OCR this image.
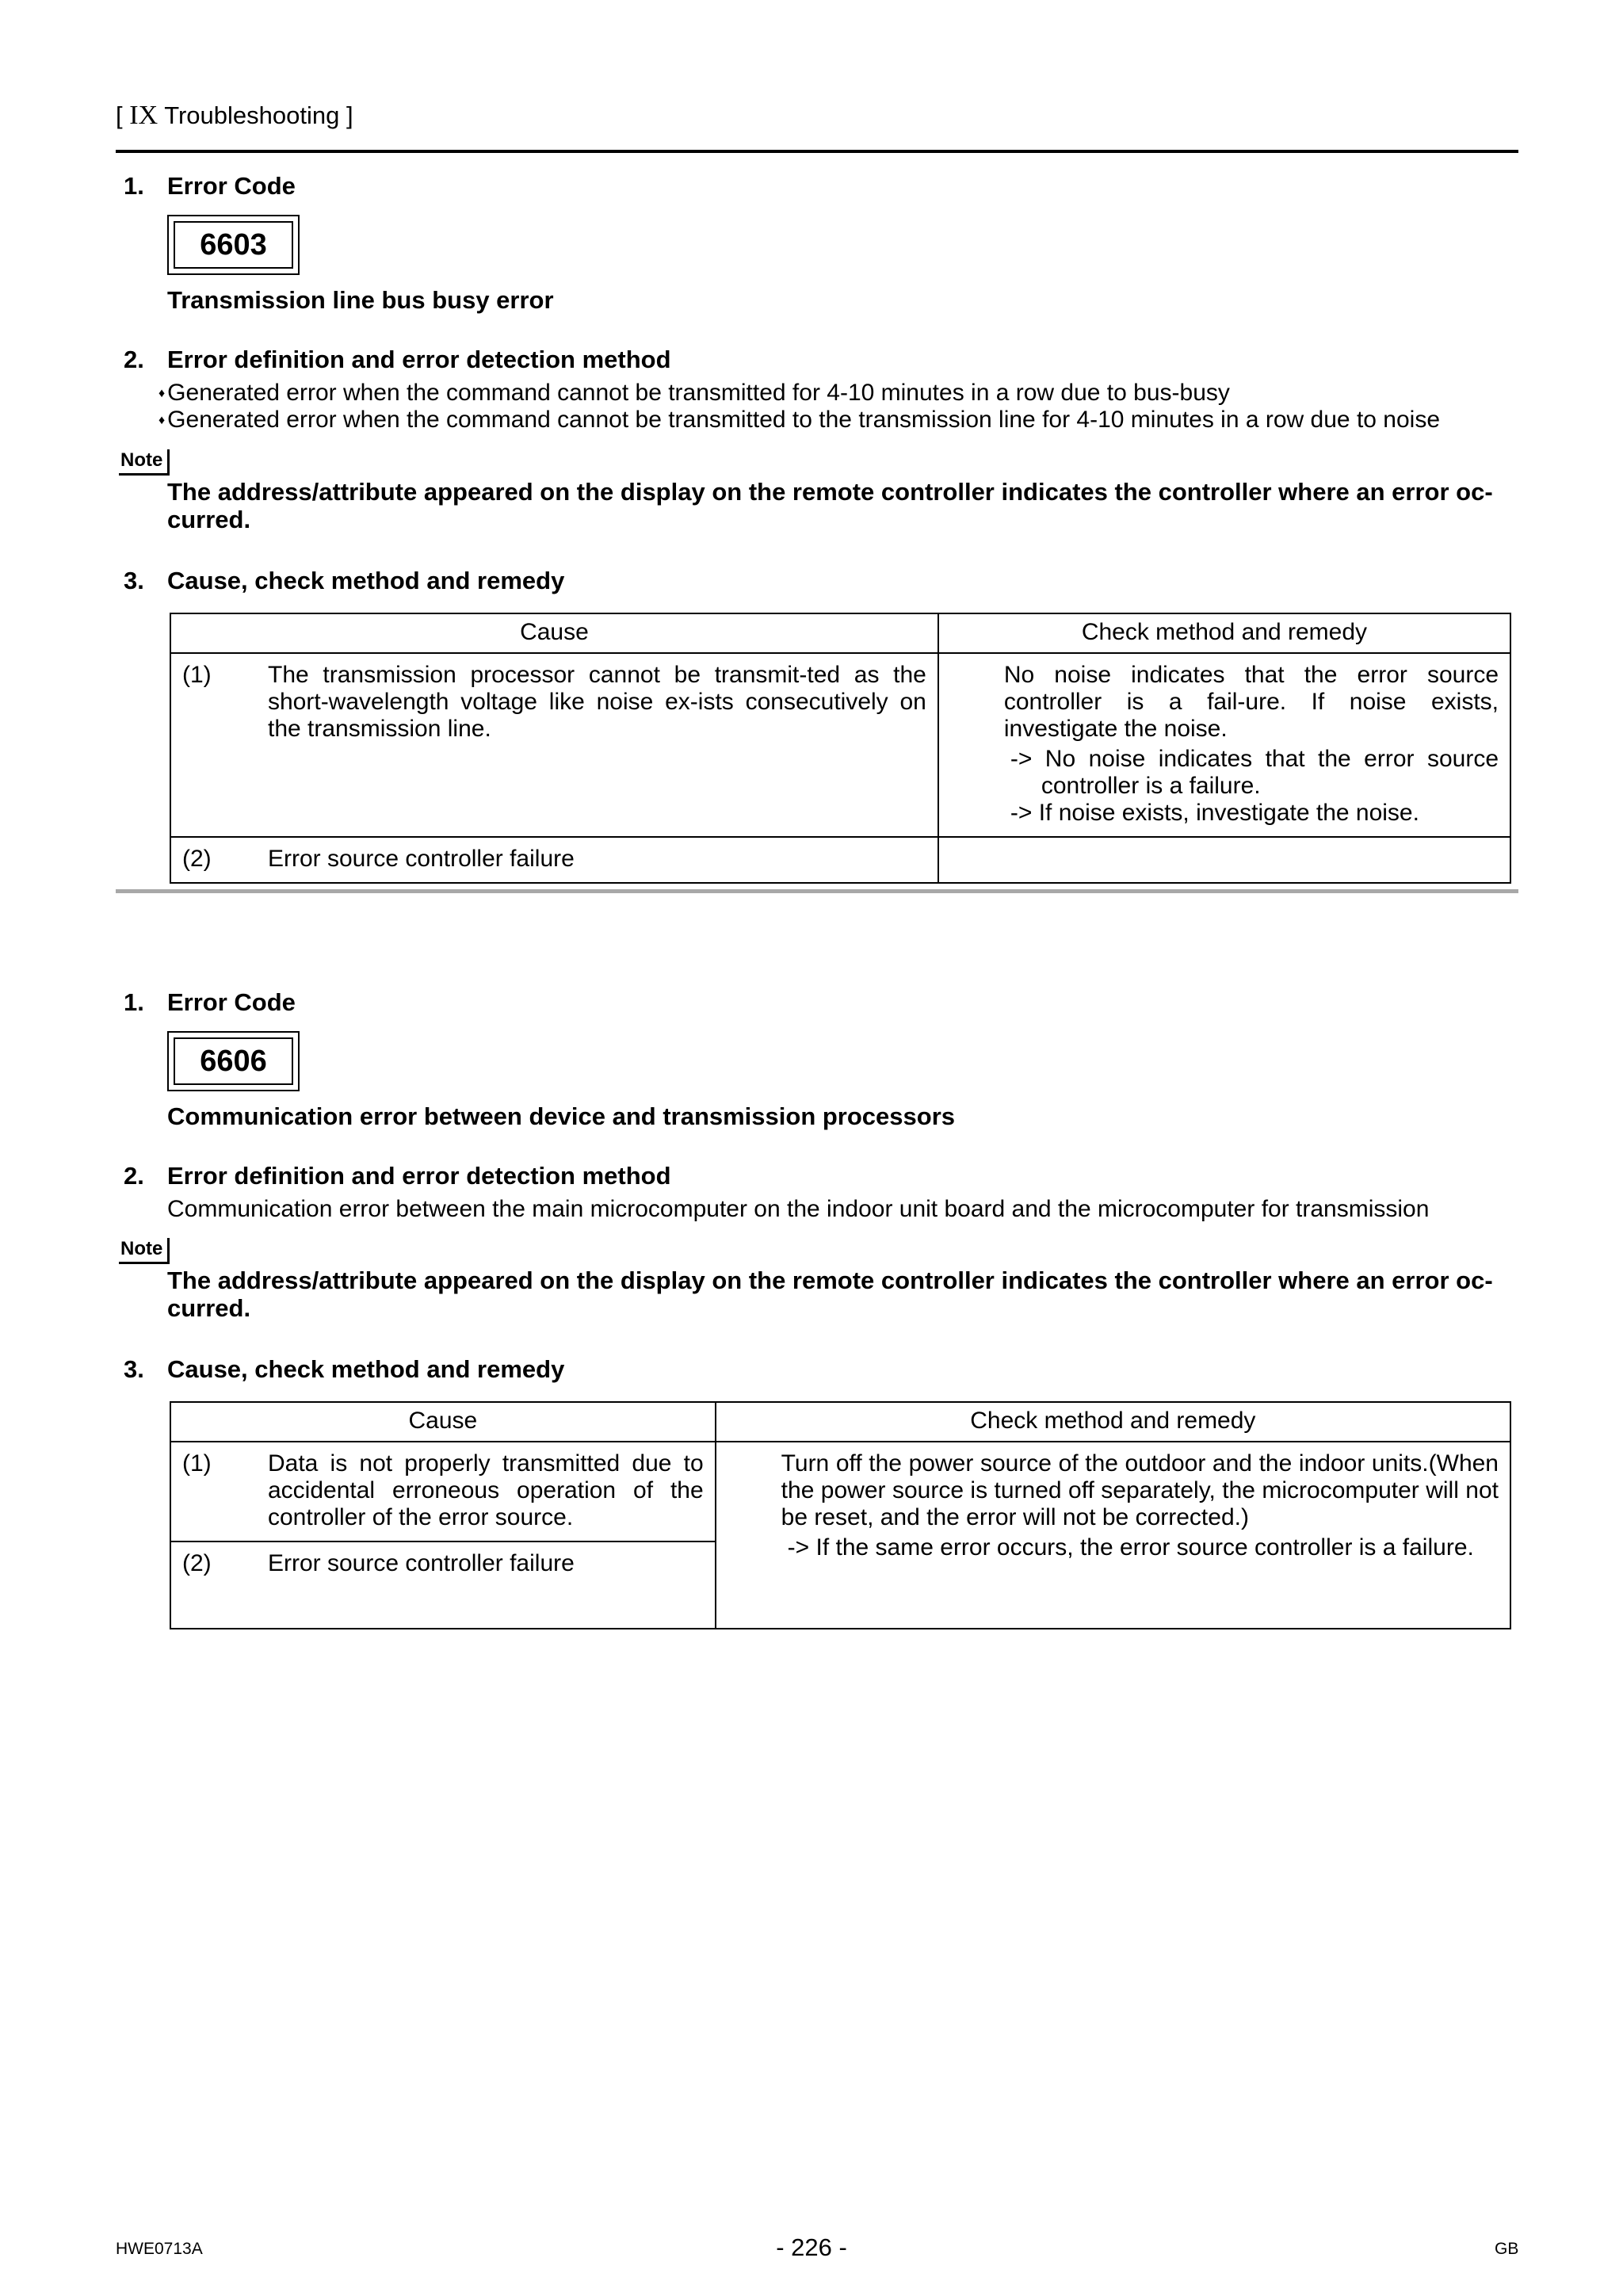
[ IX Troubleshooting ]
1. Error Code
6603
Transmission line bus busy error
2. Error definition and error detection method
♦ Generated error when the command cannot be transmitted for 4-10 minutes in a row due to bus-busy
♦ Generated error when the command cannot be transmitted to the transmission line for 4-10 minutes in a row due to noise
Note
The address/attribute appeared on the display on the remote controller indicates the controller where an error oc-curred.
3. Cause, check method and remedy
Cause		Check method and remedy
(1)	The transmission processor cannot be transmit-ted as the short-wavelength voltage like noise ex-ists consecutively on the transmission line.	No noise indicates that the error source controller is a fail-ure. If noise exists, investigate the noise.
-> No noise indicates that the error source controller is a failure.
-> If noise exists, investigate the noise.

(2)	Error source controller failure	
1. Error Code
6606
Communication error between device and transmission processors
2. Error definition and error detection method
Communication error between the main microcomputer on the indoor unit board and the microcomputer for transmission
Note
The address/attribute appeared on the display on the remote controller indicates the controller where an error oc-curred.
3. Cause, check method and remedy
Cause		Check method and remedy
(1)	Data is not properly transmitted due to accidental erroneous operation of the controller of the error source.	Turn off the power source of the outdoor and the indoor units.(When the power source is turned off separately, the microcomputer will not be reset, and the error will not be corrected.)
-> If the same error occurs, the error source controller is a failure.

(2)	Error source controller failure	
HWE0713A	- 226 -	GB
